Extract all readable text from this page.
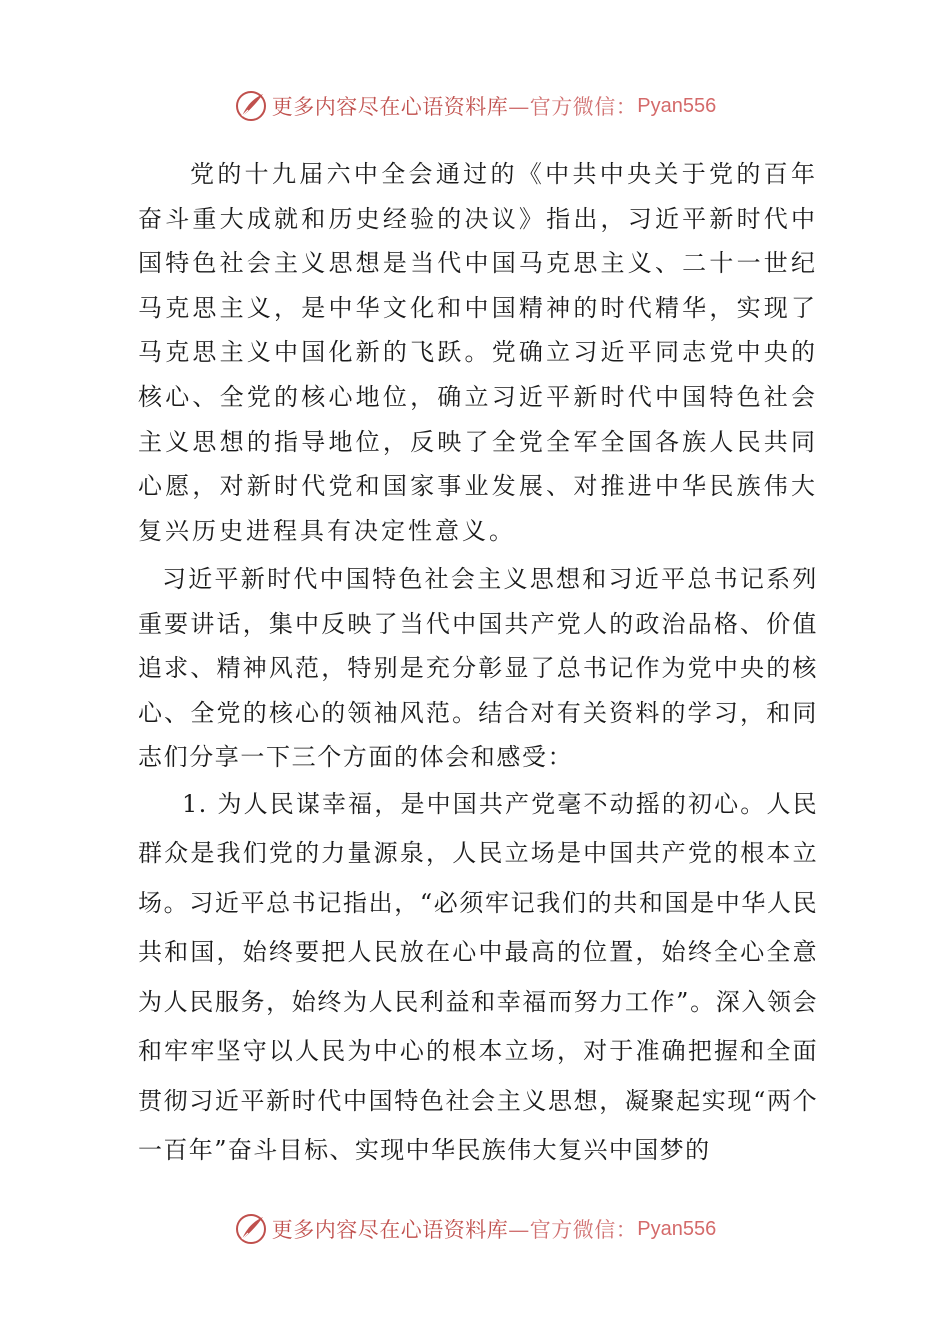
更多内容尽在心语资料库 —官方微信： Pyan556

党的十九届六中全会通过的《中共中央关于党的百年奋斗重大成就和历史经验的决议》指出，习近平新时代中国特色社会主义思想是当代中国马克思主义、二十一世纪马克思主义，是中华文化和中国精神的时代精华，实现了马克思主义中国化新的飞跃。党确立习近平同志党中央的核心、全党的核心地位，确立习近平新时代中国特色社会主义思想的指导地位，反映了全党全军全国各族人民共同心愿，对新时代党和国家事业发展、对推进中华民族伟大复兴历史进程具有决定性意义。

习近平新时代中国特色社会主义思想和习近平总书记系列重要讲话，集中反映了当代中国共产党人的政治品格、价值追求、精神风范，特别是充分彰显了总书记作为党中央的核心、全党的核心的领袖风范。结合对有关资料的学习，和同志们分享一下三个方面的体会和感受：

1. 为人民谋幸福，是中国共产党毫不动摇的初心。人民群众是我们党的力量源泉，人民立场是中国共产党的根本立场。习近平总书记指出，“必须牢记我们的共和国是中华人民共和国，始终要把人民放在心中最高的位置，始终全心全意为人民服务，始终为人民利益和幸福而努力工作”。深入领会和牢牢坚守以人民为中心的根本立场，对于准确把握和全面贯彻习近平新时代中国特色社会主义思想，凝聚起实现“两个一百年”奋斗目标、实现中华民族伟大复兴中国梦的

更多内容尽在心语资料库 —官方微信： Pyan556
